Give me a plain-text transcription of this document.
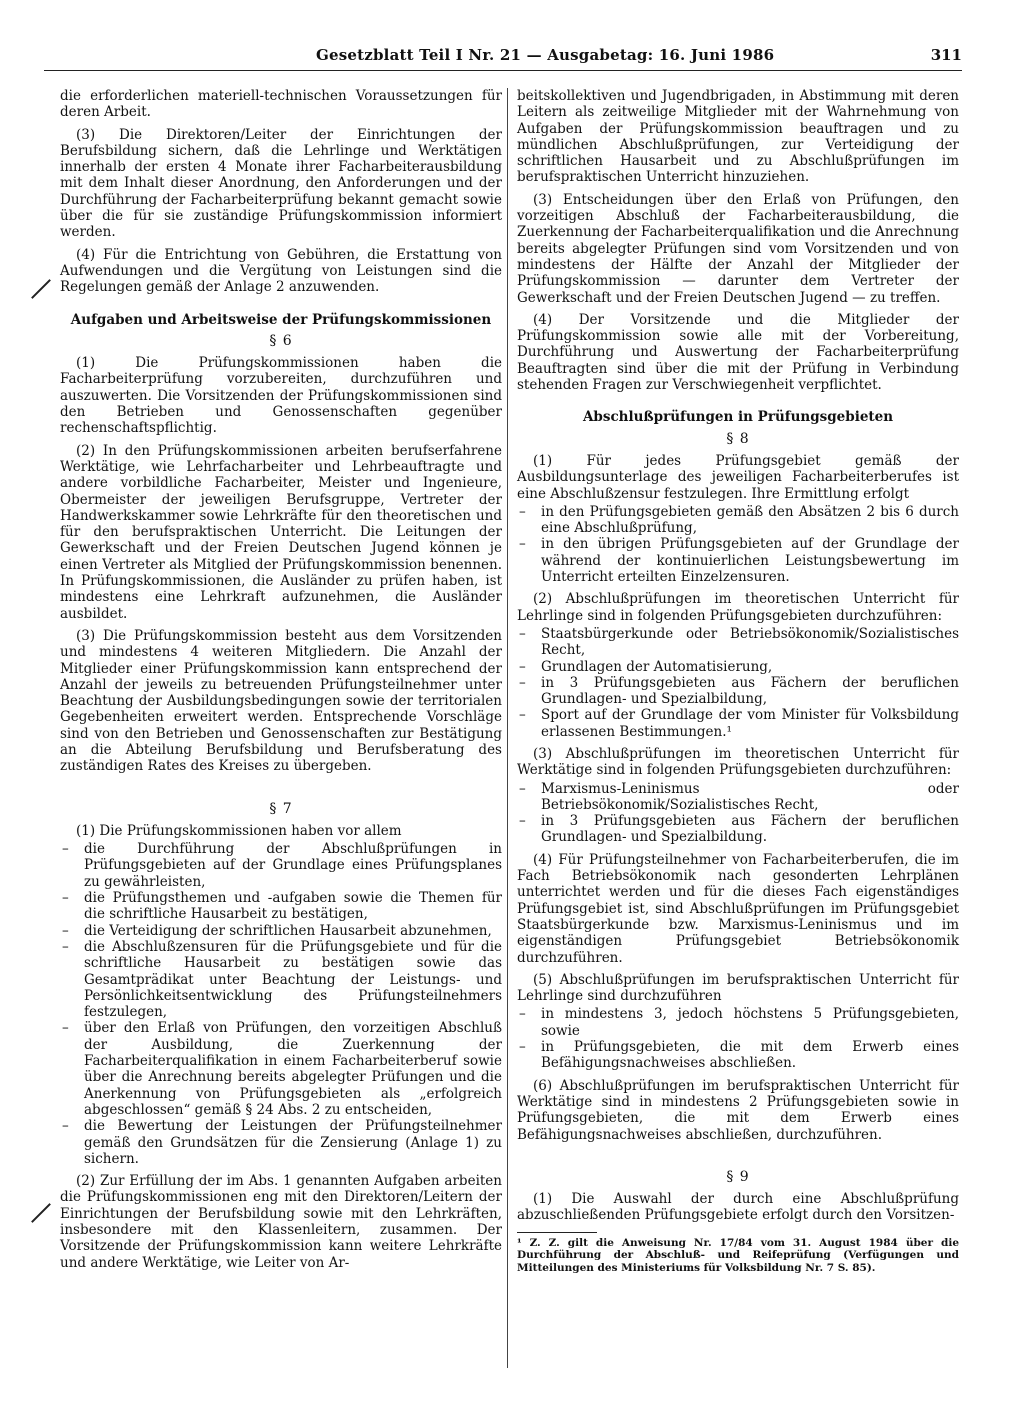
Gesetzblatt Teil I Nr. 21 — Ausgabetag: 16. Juni 1986	311

die erforderlichen materiell-technischen Voraussetzungen für deren Arbeit.

(3) Die Direktoren/Leiter der Einrichtungen der Berufsbildung sichern, daß die Lehrlinge und Werktätigen innerhalb der ersten 4 Monate ihrer Facharbeiterausbildung mit dem Inhalt dieser Anordnung, den Anforderungen und der Durchführung der Facharbeiterprüfung bekannt gemacht sowie über die für sie zuständige Prüfungskommission informiert werden.

(4) Für die Entrichtung von Gebühren, die Erstattung von Aufwendungen und die Vergütung von Leistungen sind die Regelungen gemäß der Anlage 2 anzuwenden.

Aufgaben und Arbeitsweise der Prüfungskommissionen
§ 6

(1) Die Prüfungskommissionen haben die Facharbeiterprüfung vorzubereiten, durchzuführen und auszuwerten. Die Vorsitzenden der Prüfungskommissionen sind den Betrieben und Genossenschaften gegenüber rechenschaftspflichtig.

(2) In den Prüfungskommissionen arbeiten berufserfahrene Werktätige, wie Lehrfacharbeiter und Lehrbeauftragte und andere vorbildliche Facharbeiter, Meister und Ingenieure, Obermeister der jeweiligen Berufsgruppe, Vertreter der Handwerkskammer sowie Lehrkräfte für den theoretischen und für den berufspraktischen Unterricht. Die Leitungen der Gewerkschaft und der Freien Deutschen Jugend können je einen Vertreter als Mitglied der Prüfungskommission benennen. In Prüfungskommissionen, die Ausländer zu prüfen haben, ist mindestens eine Lehrkraft aufzunehmen, die Ausländer ausbildet.

(3) Die Prüfungskommission besteht aus dem Vorsitzenden und mindestens 4 weiteren Mitgliedern. Die Anzahl der Mitglieder einer Prüfungskommission kann entsprechend der Anzahl der jeweils zu betreuenden Prüfungsteilnehmer unter Beachtung der Ausbildungsbedingungen sowie der territorialen Gegebenheiten erweitert werden. Entsprechende Vorschläge sind von den Betrieben und Genossenschaften zur Bestätigung an die Abteilung Berufsbildung und Berufsberatung des zuständigen Rates des Kreises zu übergeben.

§ 7

(1) Die Prüfungskommissionen haben vor allem

– die Durchführung der Abschlußprüfungen in Prüfungsgebieten auf der Grundlage eines Prüfungsplanes zu gewährleisten,
– die Prüfungsthemen und -aufgaben sowie die Themen für die schriftliche Hausarbeit zu bestätigen,
– die Verteidigung der schriftlichen Hausarbeit abzunehmen,
– die Abschlußzensuren für die Prüfungsgebiete und für die schriftliche Hausarbeit zu bestätigen sowie das Gesamtprädikat unter Beachtung der Leistungs- und Persönlichkeitsentwicklung des Prüfungsteilnehmers festzulegen,
– über den Erlaß von Prüfungen, den vorzeitigen Abschluß der Ausbildung, die Zuerkennung der Facharbeiterqualifikation in einem Facharbeiterberuf sowie über die Anrechnung bereits abgelegter Prüfungen und die Anerkennung von Prüfungsgebieten als „erfolgreich abgeschlossen“ gemäß § 24 Abs. 2 zu entscheiden,
– die Bewertung der Leistungen der Prüfungsteilnehmer gemäß den Grundsätzen für die Zensierung (Anlage 1) zu sichern.

(2) Zur Erfüllung der im Abs. 1 genannten Aufgaben arbeiten die Prüfungskommissionen eng mit den Direktoren/Leitern der Einrichtungen der Berufsbildung sowie mit den Lehrkräften, insbesondere mit den Klassenleitern, zusammen. Der Vorsitzende der Prüfungskommission kann weitere Lehrkräfte und andere Werktätige, wie Leiter von Ar-

beitskollektiven und Jugendbrigaden, in Abstimmung mit deren Leitern als zeitweilige Mitglieder mit der Wahrnehmung von Aufgaben der Prüfungskommission beauftragen und zu mündlichen Abschlußprüfungen, zur Verteidigung der schriftlichen Hausarbeit und zu Abschlußprüfungen im berufspraktischen Unterricht hinzuziehen.

(3) Entscheidungen über den Erlaß von Prüfungen, den vorzeitigen Abschluß der Facharbeiterausbildung, die Zuerkennung der Facharbeiterqualifikation und die Anrechnung bereits abgelegter Prüfungen sind vom Vorsitzenden und von mindestens der Hälfte der Anzahl der Mitglieder der Prüfungskommission — darunter dem Vertreter der Gewerkschaft und der Freien Deutschen Jugend — zu treffen.

(4) Der Vorsitzende und die Mitglieder der Prüfungskommission sowie alle mit der Vorbereitung, Durchführung und Auswertung der Facharbeiterprüfung Beauftragten sind über die mit der Prüfung in Verbindung stehenden Fragen zur Verschwiegenheit verpflichtet.

Abschlußprüfungen in Prüfungsgebieten
§ 8

(1) Für jedes Prüfungsgebiet gemäß der Ausbildungsunterlage des jeweiligen Facharbeiterberufes ist eine Abschlußzensur festzulegen. Ihre Ermittlung erfolgt

– in den Prüfungsgebieten gemäß den Absätzen 2 bis 6 durch eine Abschlußprüfung,
– in den übrigen Prüfungsgebieten auf der Grundlage der während der kontinuierlichen Leistungsbewertung im Unterricht erteilten Einzelzensuren.

(2) Abschlußprüfungen im theoretischen Unterricht für Lehrlinge sind in folgenden Prüfungsgebieten durchzuführen:

– Staatsbürgerkunde oder Betriebsökonomik/Sozialistisches Recht,
– Grundlagen der Automatisierung,
– in 3 Prüfungsgebieten aus Fächern der beruflichen Grundlagen- und Spezialbildung,
– Sport auf der Grundlage der vom Minister für Volksbildung erlassenen Bestimmungen.¹

(3) Abschlußprüfungen im theoretischen Unterricht für Werktätige sind in folgenden Prüfungsgebieten durchzuführen:

– Marxismus-Leninismus oder Betriebsökonomik/Sozialistisches Recht,
– in 3 Prüfungsgebieten aus Fächern der beruflichen Grundlagen- und Spezialbildung.

(4) Für Prüfungsteilnehmer von Facharbeiterberufen, die im Fach Betriebsökonomik nach gesonderten Lehrplänen unterrichtet werden und für die dieses Fach eigenständiges Prüfungsgebiet ist, sind Abschlußprüfungen im Prüfungsgebiet Staatsbürgerkunde bzw. Marxismus-Leninismus und im eigenständigen Prüfungsgebiet Betriebsökonomik durchzuführen.

(5) Abschlußprüfungen im berufspraktischen Unterricht für Lehrlinge sind durchzuführen

– in mindestens 3, jedoch höchstens 5 Prüfungsgebieten, sowie
– in Prüfungsgebieten, die mit dem Erwerb eines Befähigungsnachweises abschließen.

(6) Abschlußprüfungen im berufspraktischen Unterricht für Werktätige sind in mindestens 2 Prüfungsgebieten sowie in Prüfungsgebieten, die mit dem Erwerb eines Befähigungsnachweises abschließen, durchzuführen.

§ 9

(1) Die Auswahl der durch eine Abschlußprüfung abzuschließenden Prüfungsgebiete erfolgt durch den Vorsitzen-

¹ Z. Z. gilt die Anweisung Nr. 17/84 vom 31. August 1984 über die Durchführung der Abschluß- und Reifeprüfung (Verfügungen und Mitteilungen des Ministeriums für Volksbildung Nr. 7 S. 85).
